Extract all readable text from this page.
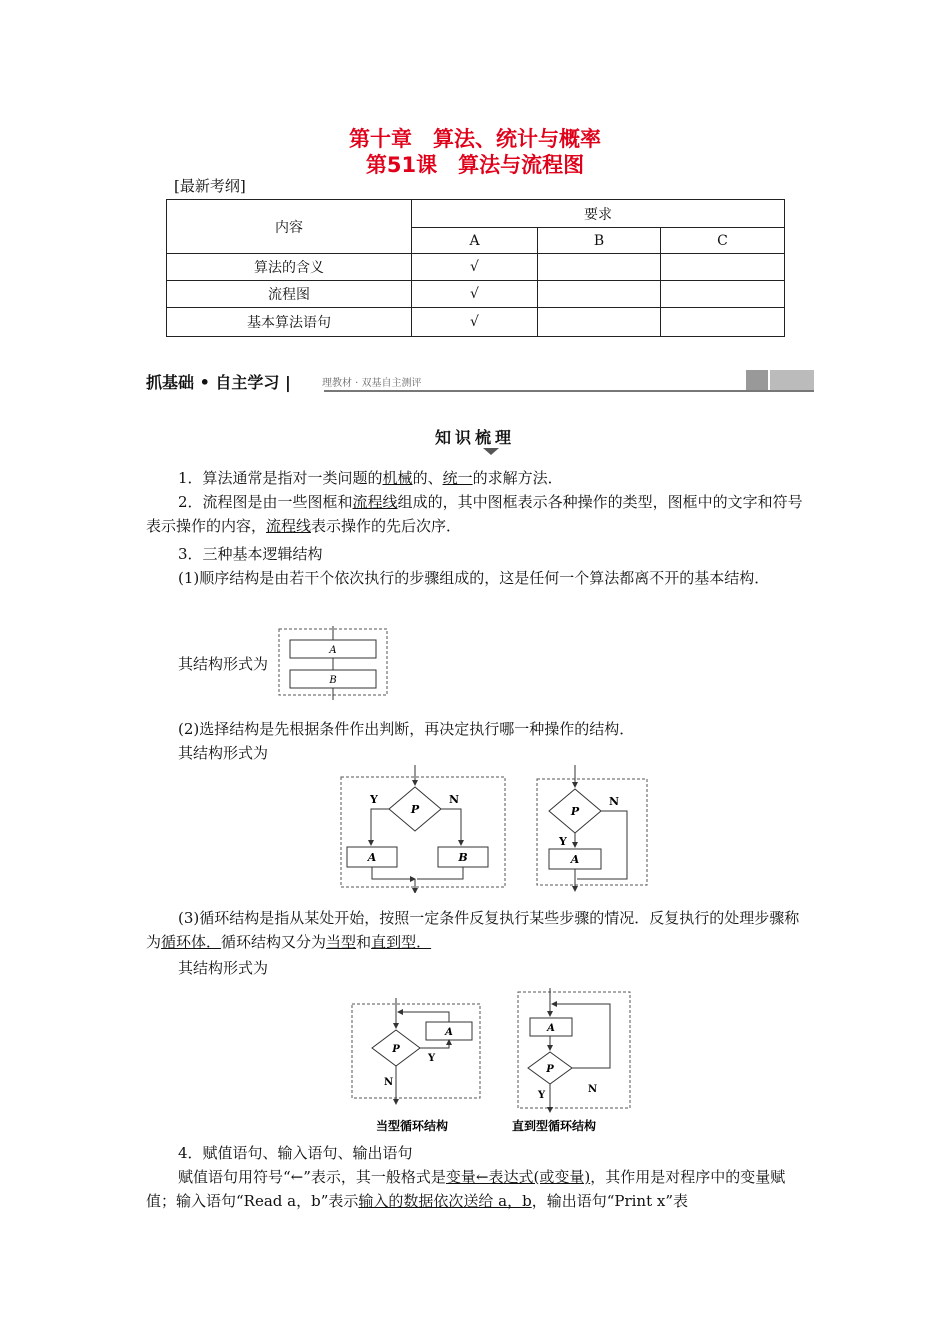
第十章　算法、统计与概率
第51课　算法与流程图
[最新考纲]
内容	要求		
	A	B	C
算法的含义	√		
流程图	√		
基本算法语句	√		
抓基础 • 自主学习 |	理教材 · 双基自主测评
知识梳理
1．算法通常是指对一类问题的机械的、统一的求解方法．
2．流程图是由一些图框和流程线组成的，其中图框表示各种操作的类型，图框中的文字和符号表示操作的内容，流程线表示操作的先后次序．
3．三种基本逻辑结构
(1)顺序结构是由若干个依次执行的步骤组成的，这是任何一个算法都离不开的基本结构．
其结构形式为
A
B
(2)选择结构是先根据条件作出判断，再决定执行哪一种操作的结构．
其结构形式为
P
Y	N
A	B
P
N
Y
A
(3)循环结构是指从某处开始，按照一定条件反复执行某些步骤的情况．反复执行的处理步骤称为循环体．循环结构又分为当型和直到型．
其结构形式为
P
A
Y
N
当型循环结构
A
P
N
Y
直到型循环结构
4．赋值语句、输入语句、输出语句
赋值语句用符号“←”表示，其一般格式是变量←表达式(或变量)，其作用是对程序中的变量赋值；输入语句“Read a，b”表示输入的数据依次送给 a，b，输出语句“Print x”表
